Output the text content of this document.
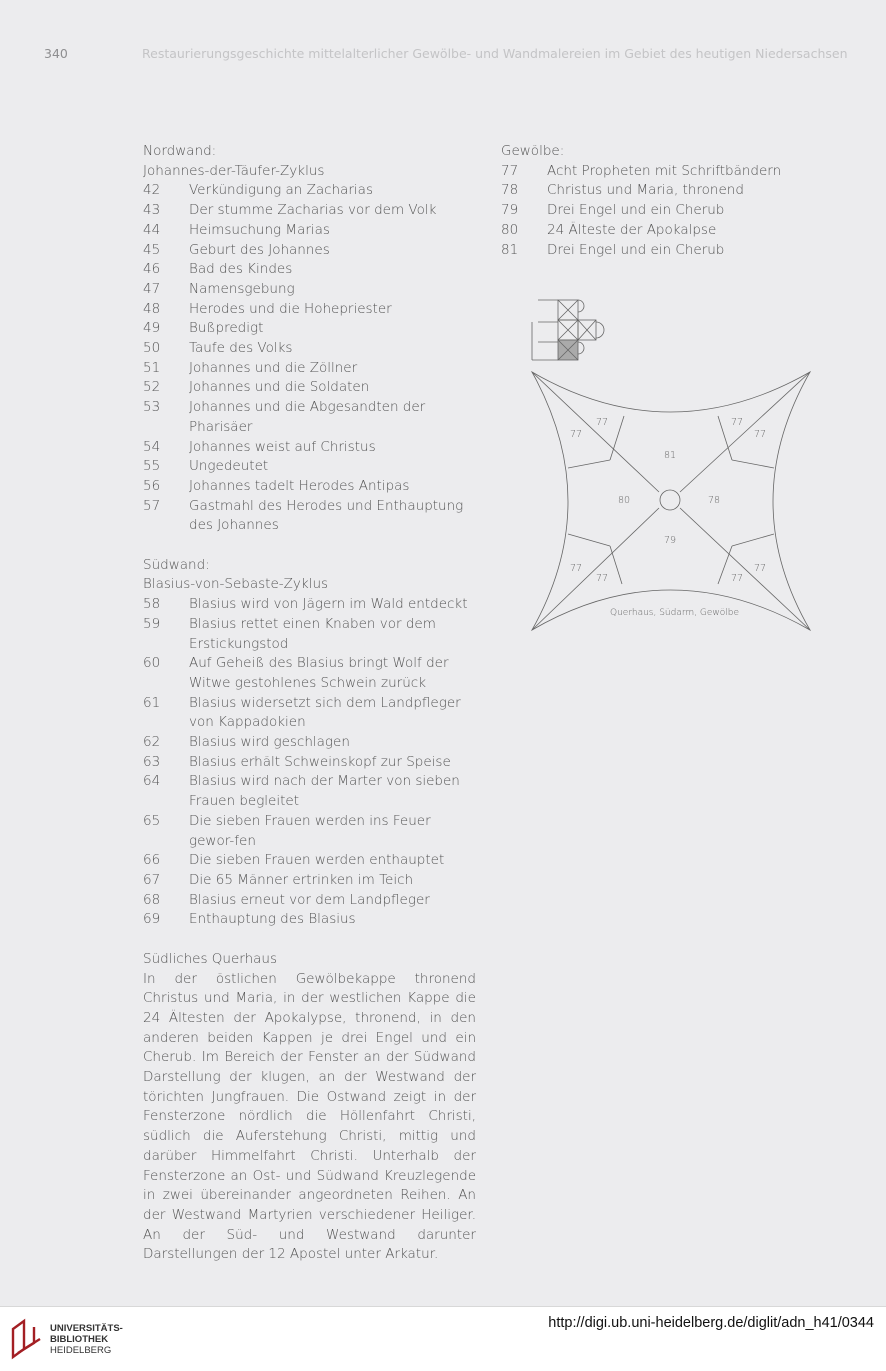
340	Restaurierungsgeschichte mittelalterlicher Gewölbe- und Wandmalereien im Gebiet des heutigen Niedersachsen
Nordwand:
Johannes-der-Täufer-Zyklus
42	Verkündigung an Zacharias
43	Der stumme Zacharias vor dem Volk
44	Heimsuchung Marias
45	Geburt des Johannes
46	Bad des Kindes
47	Namensgebung
48	Herodes und die Hohepriester
49	Bußpredigt
50	Taufe des Volks
51	Johannes und die Zöllner
52	Johannes und die Soldaten
53	Johannes und die Abgesandten der Pharisäer
54	Johannes weist auf Christus
55	Ungedeutet
56	Johannes tadelt Herodes Antipas
57	Gastmahl des Herodes und Enthauptung des Johannes
Südwand:
Blasius-von-Sebaste-Zyklus
58	Blasius wird von Jägern im Wald entdeckt
59	Blasius rettet einen Knaben vor dem Erstickungstod
60	Auf Geheiß des Blasius bringt Wolf der Witwe gestohlenes Schwein zurück
61	Blasius widersetzt sich dem Landpfleger von Kappadokien
62	Blasius wird geschlagen
63	Blasius erhält Schweinskopf zur Speise
64	Blasius wird nach der Marter von sieben Frauen begleitet
65	Die sieben Frauen werden ins Feuer gewor-fen
66	Die sieben Frauen werden enthauptet
67	Die 65 Männer ertrinken im Teich
68	Blasius erneut vor dem Landpfleger
69	Enthauptung des Blasius
Südliches Querhaus
In der östlichen Gewölbekappe thronend Christus und Maria, in der westlichen Kappe die 24 Ältesten der Apokalypse, thronend, in den anderen beiden Kappen je drei Engel und ein Cherub. Im Bereich der Fenster an der Südwand Darstellung der klugen, an der Westwand der törichten Jungfrauen. Die Ostwand zeigt in der Fensterzone nördlich die Höllenfahrt Christi, südlich die Auferstehung Christi, mittig und darüber Himmelfahrt Christi. Unterhalb der Fensterzone an Ost- und Südwand Kreuzlegende in zwei übereinander angeordneten Reihen. An der Westwand Martyrien verschiedener Heiliger. An der Süd- und Westwand darunter Darstellungen der 12 Apostel unter Arkatur.
Gewölbe:
77	Acht Propheten mit Schriftbändern
78	Christus und Maria, thronend
79	Drei Engel und ein Cherub
80	24 Älteste der Apokalpse
81	Drei Engel und ein Cherub
81
80	78
79
77
77
77
77
77
77
77
77
Querhaus, Südarm, Gewölbe
UNIVERSITÄTS-
BIBLIOTHEK
HEIDELBERG
http://digi.ub.uni-heidelberg.de/diglit/adn_h41/0344
